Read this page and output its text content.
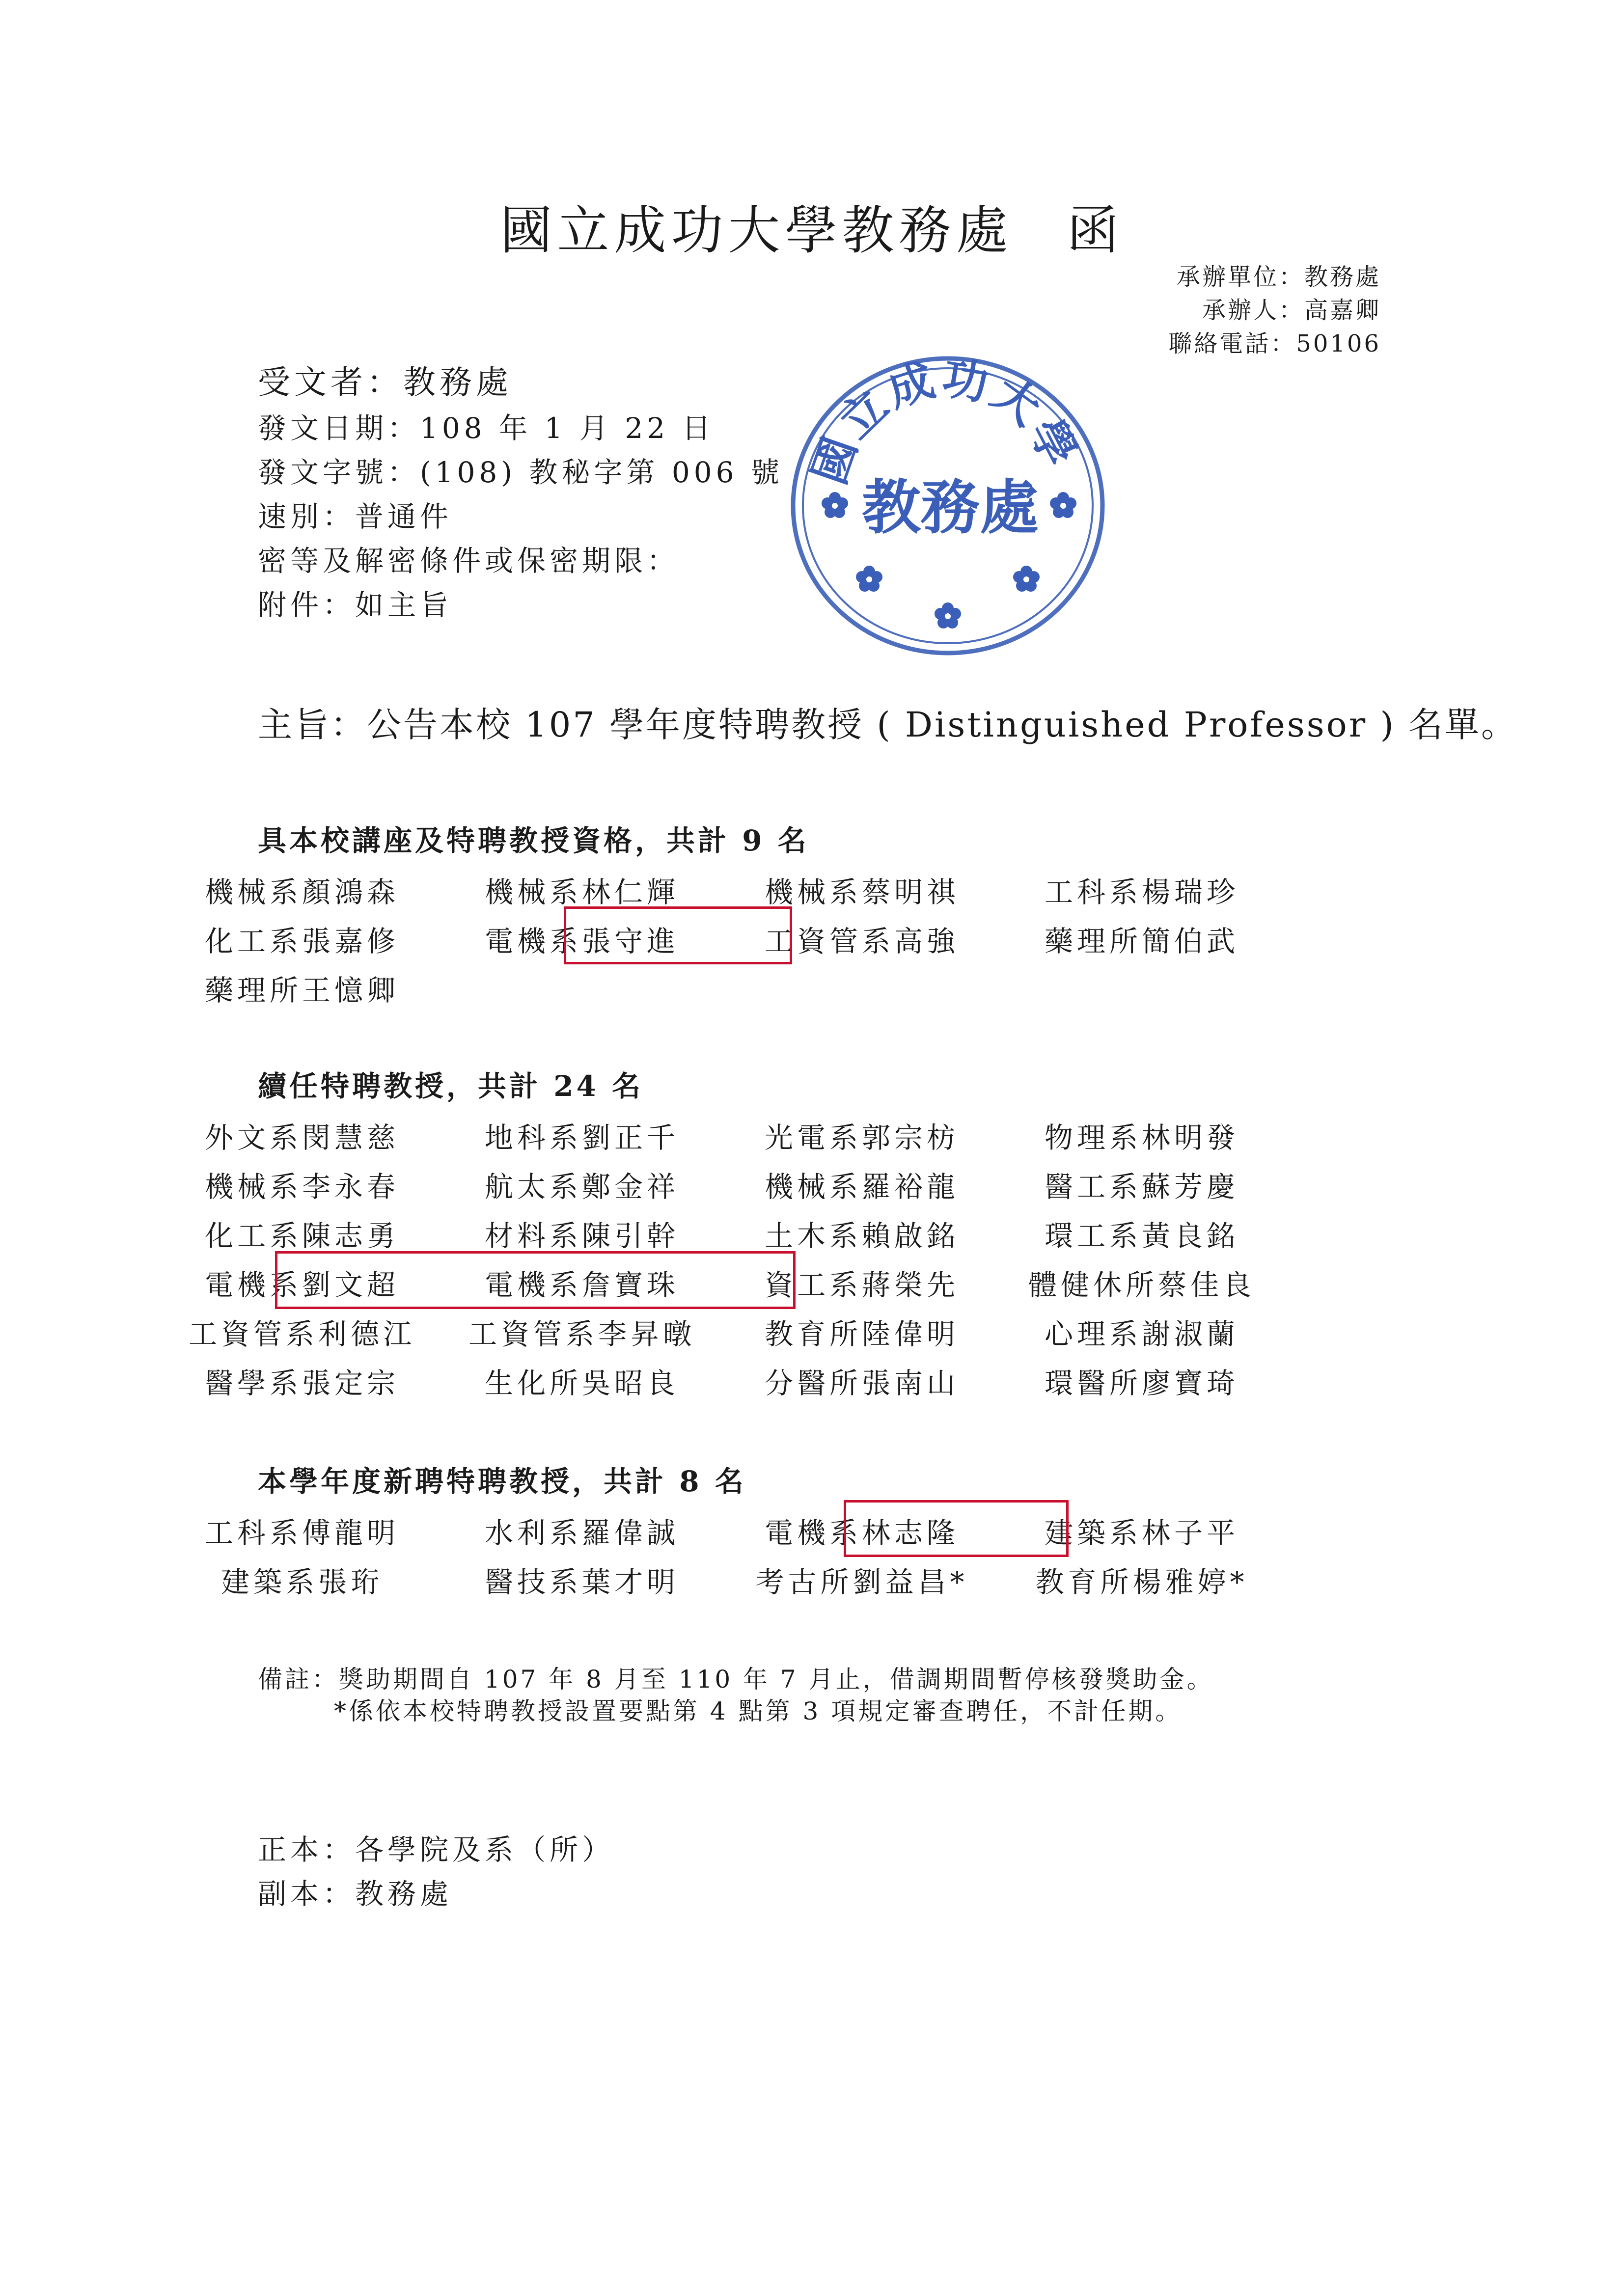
國立成功大學教務處 函
承辦單位：教務處
承辦人：高嘉卿
聯絡電話：50106
受文者：教務處
發文日期：108 年 1 月 22 日
發文字號：(108) 教秘字第 006 號
速別：普通件
密等及解密條件或保密期限：
附件：如主旨
國立成功大學
教務處
主旨：公告本校 107 學年度特聘教授 ( Distinguished Professor ) 名單。
具本校講座及特聘教授資格，共計 9 名
機械系顏鴻森	機械系林仁輝	機械系蔡明祺	工科系楊瑞珍
化工系張嘉修	電機系張守進	工資管系高強	藥理所簡伯武
藥理所王憶卿
續任特聘教授，共計 24 名
外文系閔慧慈	地科系劉正千	光電系郭宗枋	物理系林明發
機械系李永春	航太系鄭金祥	機械系羅裕龍	醫工系蘇芳慶
化工系陳志勇	材料系陳引幹	土木系賴啟銘	環工系黃良銘
電機系劉文超	電機系詹寶珠	資工系蔣榮先	體健休所蔡佳良
工資管系利德江	工資管系李昇暾	教育所陸偉明	心理系謝淑蘭
醫學系張定宗	生化所吳昭良	分醫所張南山	環醫所廖寶琦
本學年度新聘特聘教授，共計 8 名
工科系傅龍明	水利系羅偉誠	電機系林志隆	建築系林子平
建築系張珩	醫技系葉才明	考古所劉益昌*	教育所楊雅婷*
備註：獎助期間自 107 年 8 月至 110 年 7 月止，借調期間暫停核發獎助金。
*係依本校特聘教授設置要點第 4 點第 3 項規定審查聘任，不計任期。
正本：各學院及系（所）
副本：教務處
